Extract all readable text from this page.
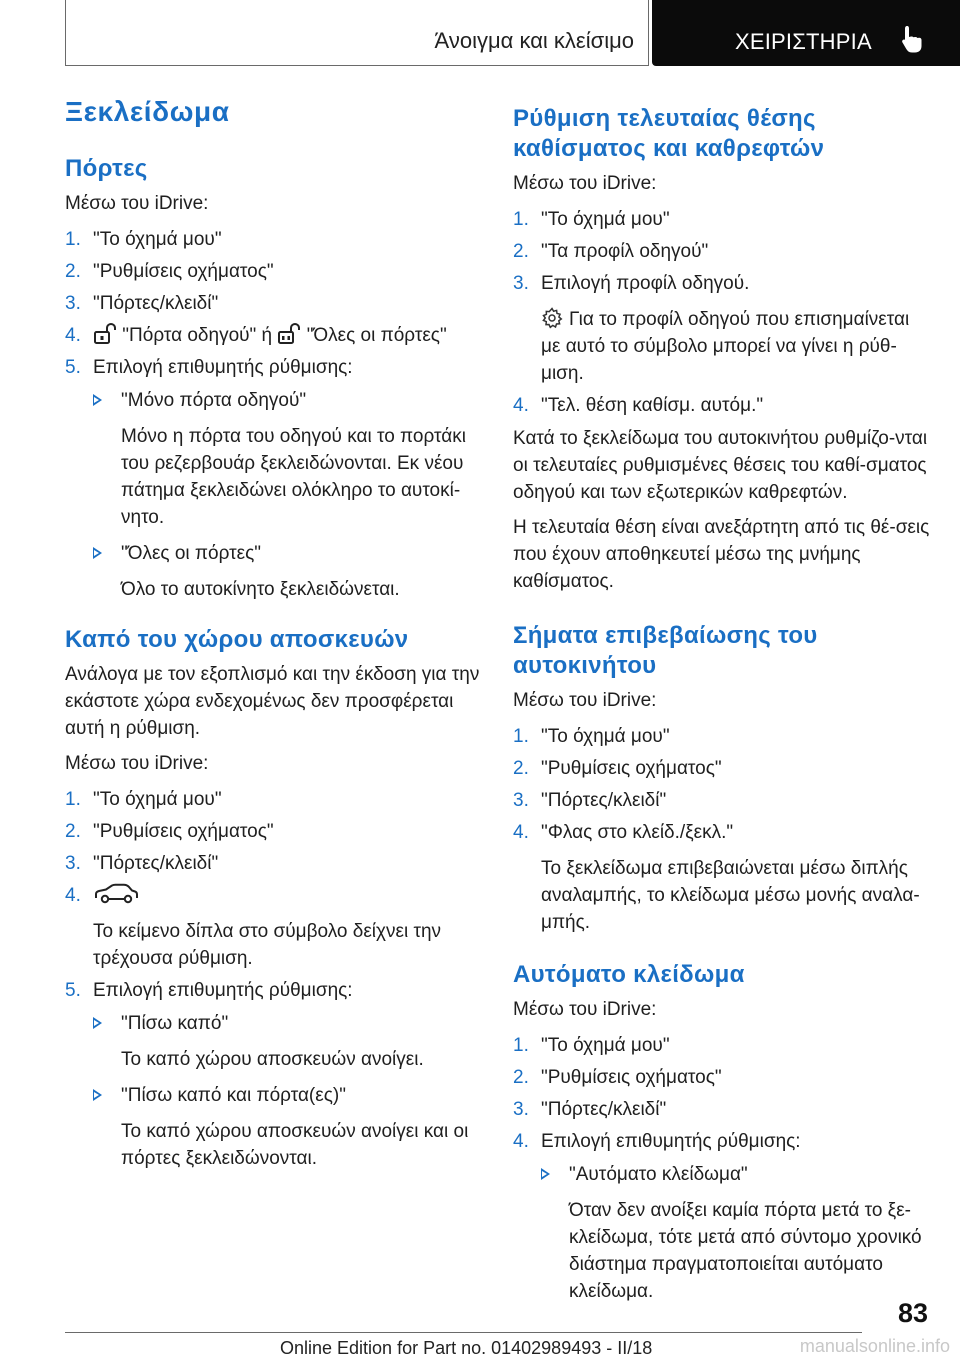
Άνοιγμα και κλείσιμο	ΧΕΙΡΙΣΤΗΡΙΑ
Ξεκλείδωμα
Πόρτες

Μέσω του iDrive:

1. "Το όχημά μου"
2. "Ρυθμίσεις οχήματος"
3. "Πόρτες/κλειδί"
4. "Πόρτα οδηγού" ή "Όλες οι πόρτες"
5. Επιλογή επιθυμητής ρύθμισης:
"Μόνο πόρτα οδηγού"
Μόνο η πόρτα του οδηγού και το πορτάκι του ρεζερβουάρ ξεκλειδώνονται. Εκ νέου πάτημα ξεκλειδώνει ολόκληρο το αυτοκί-νητο.
"Όλες οι πόρτες"
Όλο το αυτοκίνητο ξεκλειδώνεται.
Καπό του χώρου αποσκευών

Ανάλογα με τον εξοπλισμό και την έκδοση για την εκάστοτε χώρα ενδεχομένως δεν προσφέρεται αυτή η ρύθμιση.

Μέσω του iDrive:

1. "Το όχημά μου"
2. "Ρυθμίσεις οχήματος"
3. "Πόρτες/κλειδί"
4.
Το κείμενο δίπλα στο σύμβολο δείχνει την τρέχουσα ρύθμιση.
5. Επιλογή επιθυμητής ρύθμισης:
"Πίσω καπό"
Το καπό χώρου αποσκευών ανοίγει.
"Πίσω καπό και πόρτα(ες)"
Το καπό χώρου αποσκευών ανοίγει και οι πόρτες ξεκλειδώνονται.
Ρύθμιση τελευταίας θέσης καθίσματος και καθρεφτών

Μέσω του iDrive:

1. "Το όχημά μου"
2. "Τα προφίλ οδηγού"
3. Επιλογή προφίλ οδηγού.
Για το προφίλ οδηγού που επισημαίνεται με αυτό το σύμβολο μπορεί να γίνει η ρύθ-μιση.
4. "Τελ. θέση καθίσμ. αυτόμ."

Κατά το ξεκλείδωμα του αυτοκινήτου ρυθμίζο-νται οι τελευταίες ρυθμισμένες θέσεις του καθί-σματος οδηγού και των εξωτερικών καθρεφτών.

Η τελευταία θέση είναι ανεξάρτητη από τις θέ-σεις που έχουν αποθηκευτεί μέσω της μνήμης καθίσματος.

Σήματα επιβεβαίωσης του αυτοκινήτου

Μέσω του iDrive:

1. "Το όχημά μου"
2. "Ρυθμίσεις οχήματος"
3. "Πόρτες/κλειδί"
4. "Φλας στο κλείδ./ξεκλ."
Το ξεκλείδωμα επιβεβαιώνεται μέσω διπλής αναλαμπής, το κλείδωμα μέσω μονής αναλα-μπής.
Αυτόματο κλείδωμα

Μέσω του iDrive:

1. "Το όχημά μου"
2. "Ρυθμίσεις οχήματος"
3. "Πόρτες/κλειδί"
4. Επιλογή επιθυμητής ρύθμισης:
"Αυτόματο κλείδωμα"
Όταν δεν ανοίξει καμία πόρτα μετά το ξε-κλείδωμα, τότε μετά από σύντομο χρονικό διάστημα πραγματοποιείται αυτόματο κλείδωμα.
83
Online Edition for Part no. 01402989493 - II/18	manualsonline.info
